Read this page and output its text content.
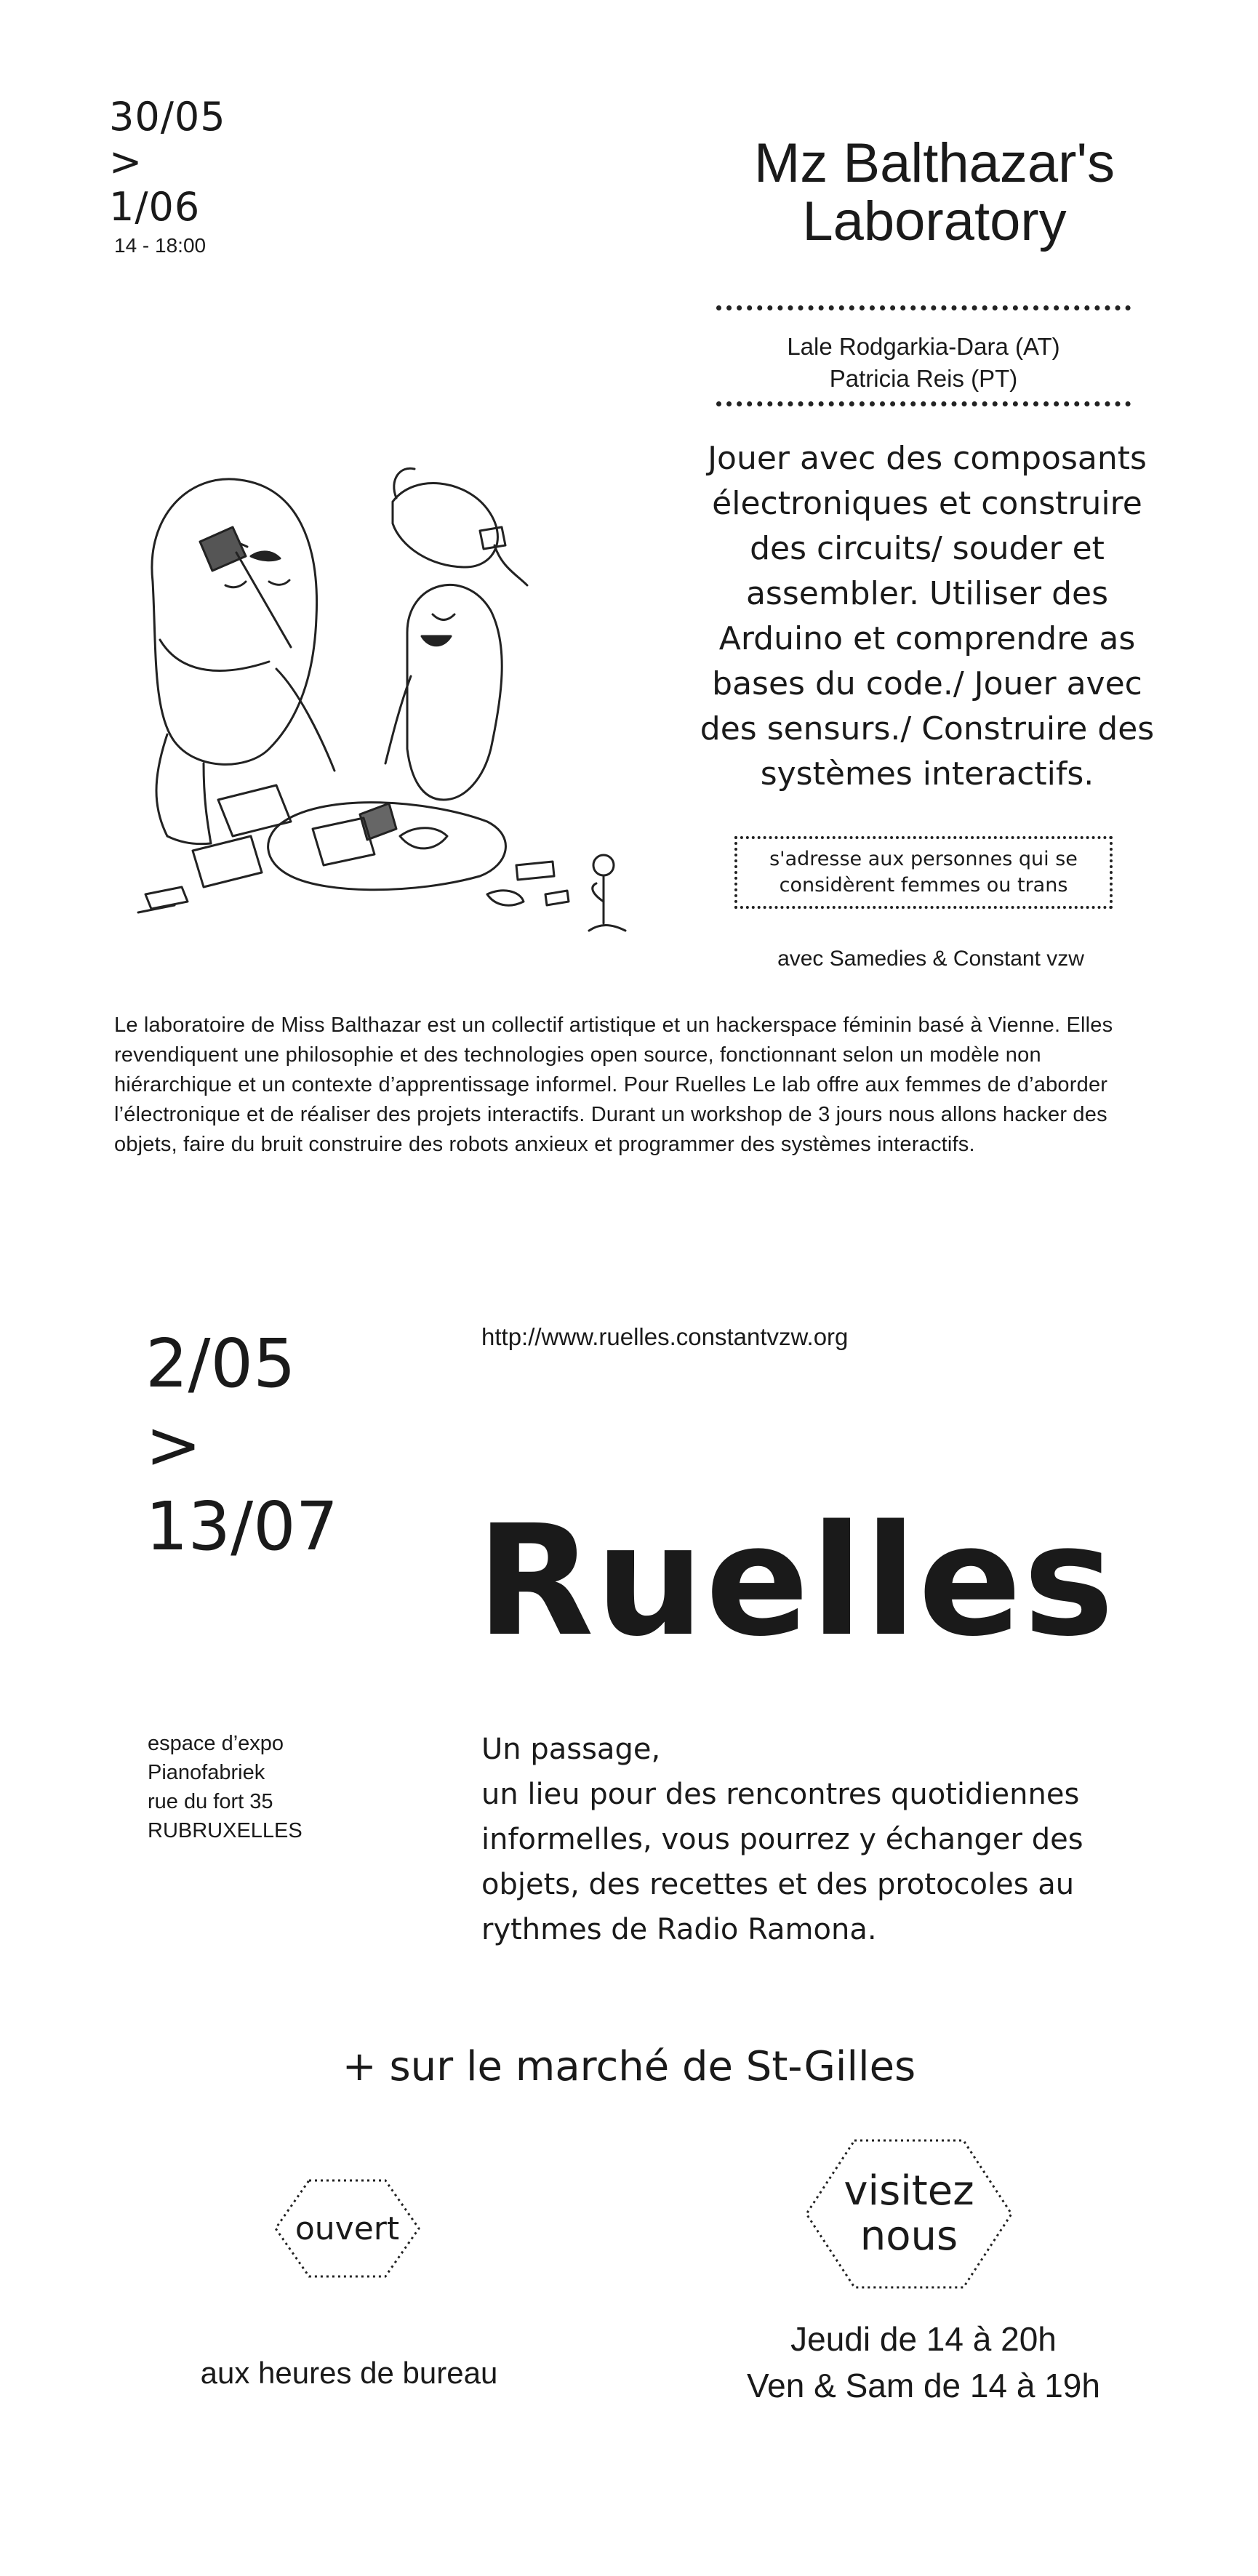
30/05
>
1/06
14 - 18:00
Mz Balthazar's
Laboratory
Lale Rodgarkia-Dara (AT)
Patricia Reis (PT)
Jouer avec des composants électroniques et construire des circuits/ souder et assembler. Utiliser des Arduino et comprendre as bases du code./ Jouer avec des sensurs./ Construire des systèmes interactifs.
s'adresse aux personnes qui se considèrent femmes ou trans
avec Samedies & Constant vzw
Le laboratoire de Miss Balthazar est un collectif artistique et un hackerspace féminin basé à Vienne. Elles revendiquent une philosophie et des technologies open source, fonctionnant selon un modèle non hiérarchique et un contexte d’apprentissage informel. Pour Ruelles Le lab offre aux femmes de d’aborder l’électronique et de réaliser des projets interactifs. Durant un workshop de 3 jours nous allons hacker des objets, faire du bruit construire des robots anxieux et programmer des systèmes interactifs.
http://www.ruelles.constantvzw.org
2/05
>
13/07 Ruelles
espace d’expo
Pianofabriek
rue du fort 35
RUBRUXELLES
Un passage,
un lieu pour des rencontres quotidiennes
informelles, vous pourrez y échanger des
objets, des recettes et des protocoles au
rythmes de Radio Ramona.
+ sur le marché de St-Gilles
ouvert
visitez
nous
aux heures de bureau
Jeudi de 14 à 20h
Ven & Sam de 14 à 19h
